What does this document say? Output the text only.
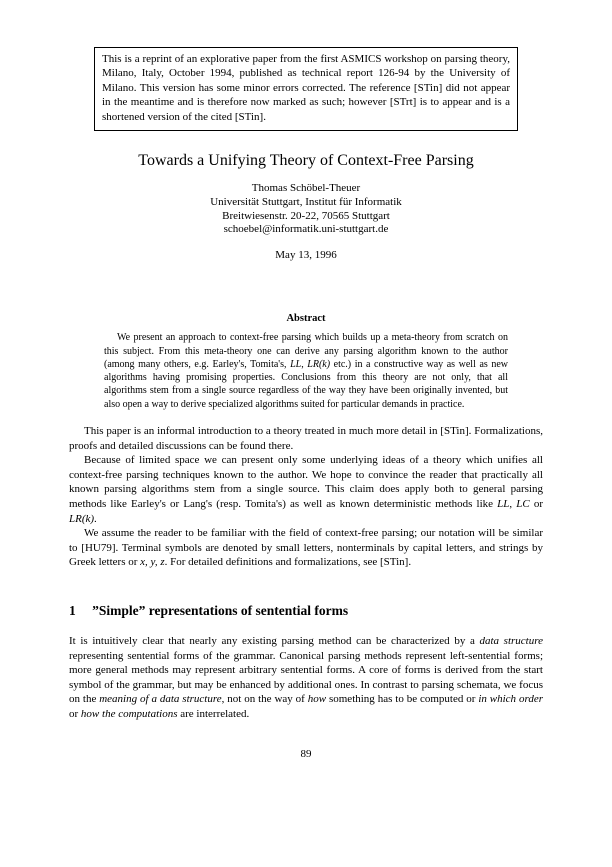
This is a reprint of an explorative paper from the first ASMICS workshop on parsing theory, Milano, Italy, October 1994, published as technical report 126-94 by the University of Milano. This version has some minor errors corrected. The reference [STin] did not appear in the meantime and is therefore now marked as such; however [STrt] is to appear and is a shortened version of the cited [STin].
Towards a Unifying Theory of Context-Free Parsing
Thomas Schöbel-Theuer
Universität Stuttgart, Institut für Informatik
Breitwiesenstr. 20-22, 70565 Stuttgart
schoebel@informatik.uni-stuttgart.de
May 13, 1996
Abstract
We present an approach to context-free parsing which builds up a meta-theory from scratch on this subject. From this meta-theory one can derive any parsing algorithm known to the author (among many others, e.g. Earley's, Tomita's, LL, LR(k) etc.) in a constructive way as well as new algorithms having promising properties. Conclusions from this theory are not only, that all algorithms stem from a single source regardless of the way they have been originally invented, but also open a way to derive specialized algorithms suited for particular demands in practice.

This paper is an informal introduction to a theory treated in much more detail in [STin]. Formalizations, proofs and detailed discussions can be found there.

Because of limited space we can present only some underlying ideas of a theory which unifies all context-free parsing techniques known to the author. We hope to convince the reader that practically all known parsing algorithms stem from a single source. This claim does apply both to general parsing methods like Earley's or Lang's (resp. Tomita's) as well as known deterministic methods like LL, LC or LR(k).

We assume the reader to be familiar with the field of context-free parsing; our notation will be similar to [HU79]. Terminal symbols are denoted by small letters, nonterminals by capital letters, and strings by Greek letters or x, y, z. For detailed definitions and formalizations, see [STin].

1 ”Simple” representations of sentential forms

It is intuitively clear that nearly any existing parsing method can be characterized by a data structure representing sentential forms of the grammar. Canonical parsing methods represent left-sentential forms; more general methods may represent arbitrary sentential forms. A core of forms is derived from the start symbol of the grammar, but may be enhanced by additional ones. In contrast to parsing schemata, we focus on the meaning of a data structure, not on the way of how something has to be computed or in which order or how the computations are interrelated.

89
